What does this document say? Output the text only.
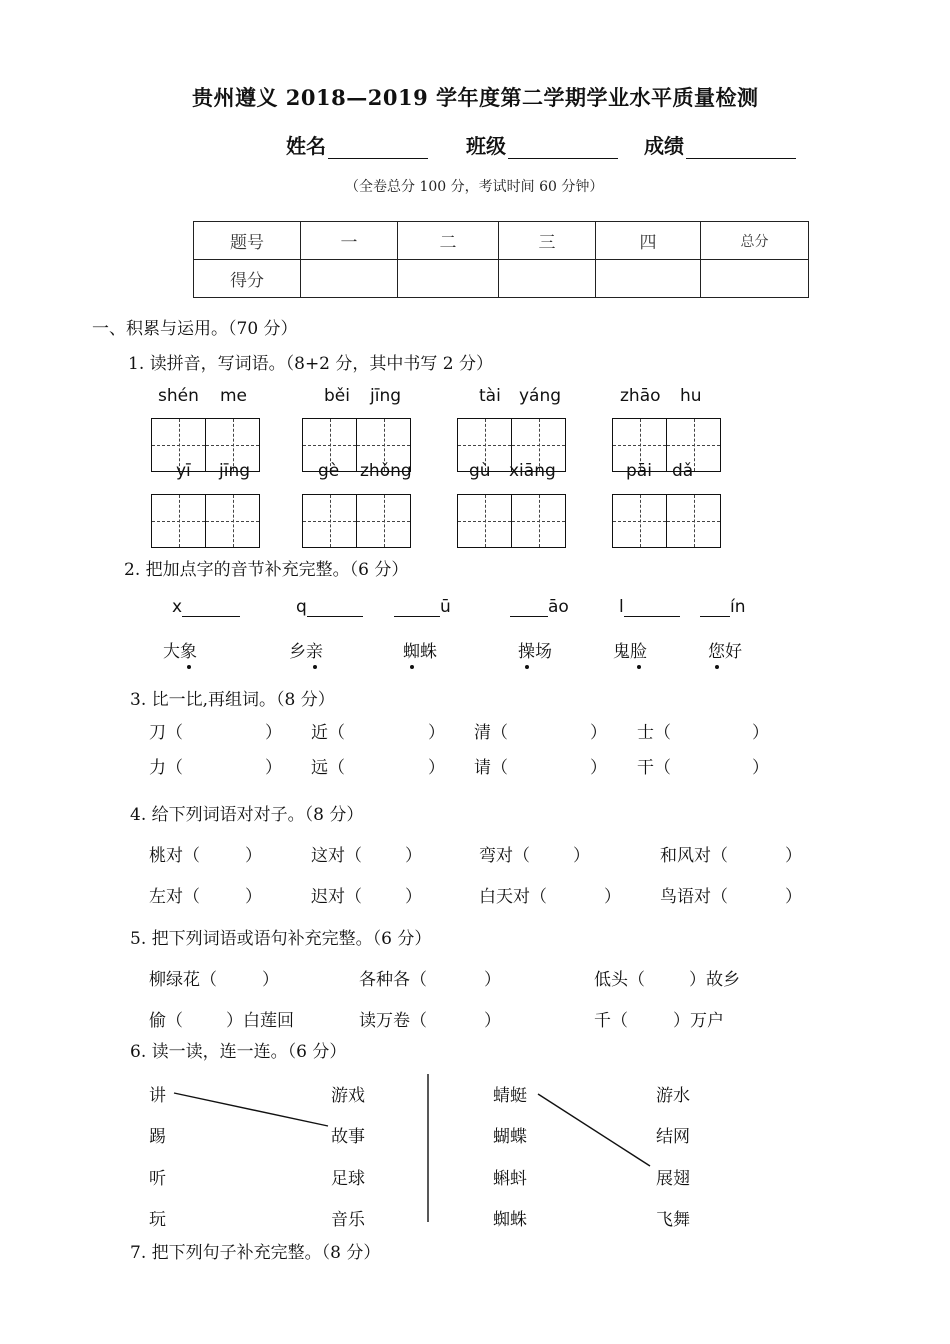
贵州遵义 2018—2019 学年度第二学期学业水平质量检测
姓名	班级	成绩
（全卷总分 100 分，考试时间 60 分钟）
题号	一	二	三	四	总分
得分					
一、积累与运用。（70 分）
1. 读拼音，写词语。（8+2 分，其中书写 2 分）
shén me	běi jīng	tài yáng	zhāo hu
yī jīng	gè zhǒng	gù xiāng	pāi dǎ
2. 把加点字的音节补充完整。（6 分）
x	q	ū	āo	l	ín
大象	乡亲	蜘蛛	操场	鬼脸	您好
3. 比一比,再组词。（8 分）
刀（	） 近（	） 清（	） 士（	）
力（	） 远（	） 请（	） 干（	）
4. 给下列词语对对子。（8 分）
桃对（	）	这对（	）	弯对（	）	和风对（	）
左对（	）	迟对（	）	白天对（	） 鸟语对（	）
5. 把下列词语或语句补充完整。（6 分）
柳绿花（	）	各种各（	）	低头（	）故乡
偷（	）白莲回	读万卷（	）	千（	）万户
6. 读一读，连一连。（6 分）
讲
踢
听
玩
游戏
故事
足球
音乐
蜻蜓
蝴蝶
蝌蚪
蜘蛛
游水
结网
展翅
飞舞
7. 把下列句子补充完整。（8 分）
